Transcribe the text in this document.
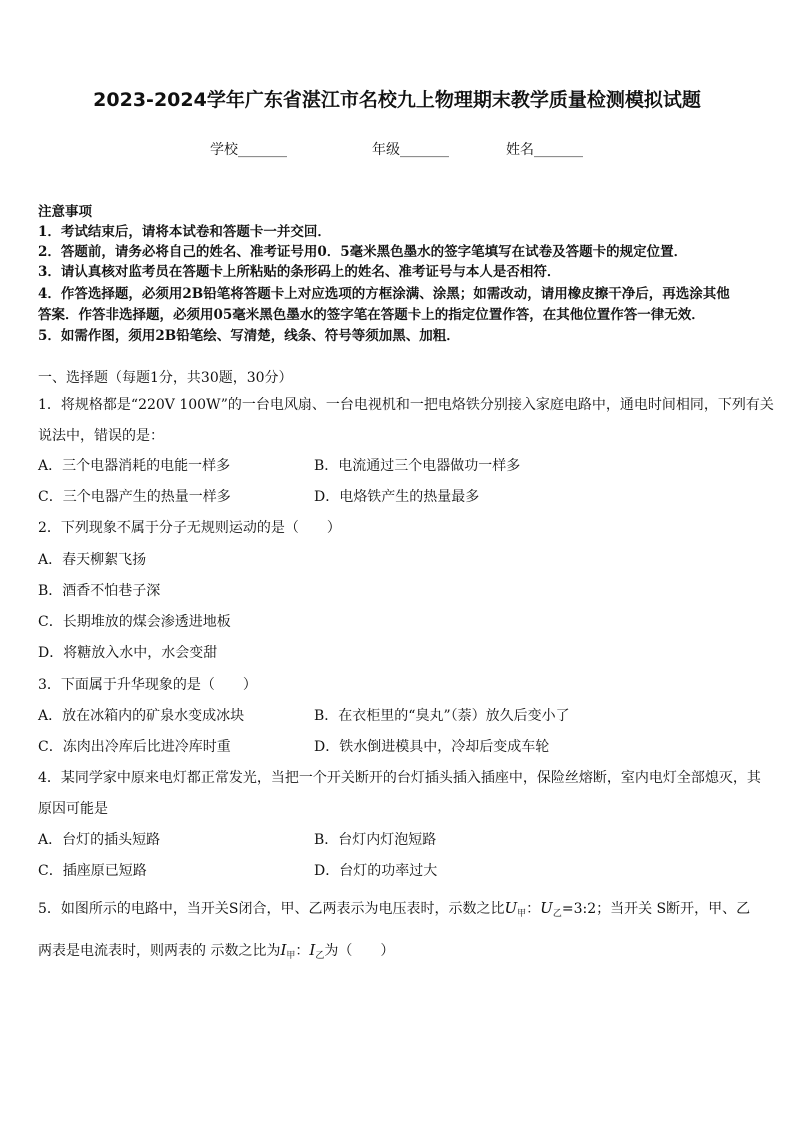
2023-2024学年广东省湛江市名校九上物理期末教学质量检测模拟试题
学校_______	年级_______	姓名_______
注意事项
1．考试结束后，请将本试卷和答题卡一并交回．
2．答题前，请务必将自己的姓名、准考证号用0．5毫米黑色墨水的签字笔填写在试卷及答题卡的规定位置．
3．请认真核对监考员在答题卡上所粘贴的条形码上的姓名、准考证号与本人是否相符．
4．作答选择题，必须用2B铅笔将答题卡上对应选项的方框涂满、涂黑；如需改动，请用橡皮擦干净后，再选涂其他
答案．作答非选择题，必须用05毫米黑色墨水的签字笔在答题卡上的指定位置作答，在其他位置作答一律无效．
5．如需作图，须用2B铅笔绘、写清楚，线条、符号等须加黑、加粗．
一、选择题（每题1分，共30题，30分）
1．将规格都是“220V 100W”的一台电风扇、一台电视机和一把电烙铁分别接入家庭电路中，通电时间相同，下列有关
说法中，错误的是：
A．三个电器消耗的电能一样多	B．电流通过三个电器做功一样多
C．三个电器产生的热量一样多	D．电烙铁产生的热量最多
2．下列现象不属于分子无规则运动的是（　　）
A．春天柳絮飞扬
B．酒香不怕巷子深
C．长期堆放的煤会渗透进地板
D．将糖放入水中，水会变甜
3．下面属于升华现象的是（　　）
A．放在冰箱内的矿泉水变成冰块	B．在衣柜里的“臭丸”（萘）放久后变小了
C．冻肉出冷库后比进冷库时重	D．铁水倒进模具中，冷却后变成车轮
4．某同学家中原来电灯都正常发光，当把一个开关断开的台灯插头插入插座中，保险丝熔断，室内电灯全部熄灭，其
原因可能是
A．台灯的插头短路	B．台灯内灯泡短路
C．插座原已短路	D．台灯的功率过大
5．如图所示的电路中，当开关S闭合，甲、乙两表示为电压表时，示数之比$U_甲$：$U_乙=3:2$；当开关 S断开，甲、乙
两表是电流表时，则两表的 示数之比为$I_甲$：$I_乙$为（　　）
